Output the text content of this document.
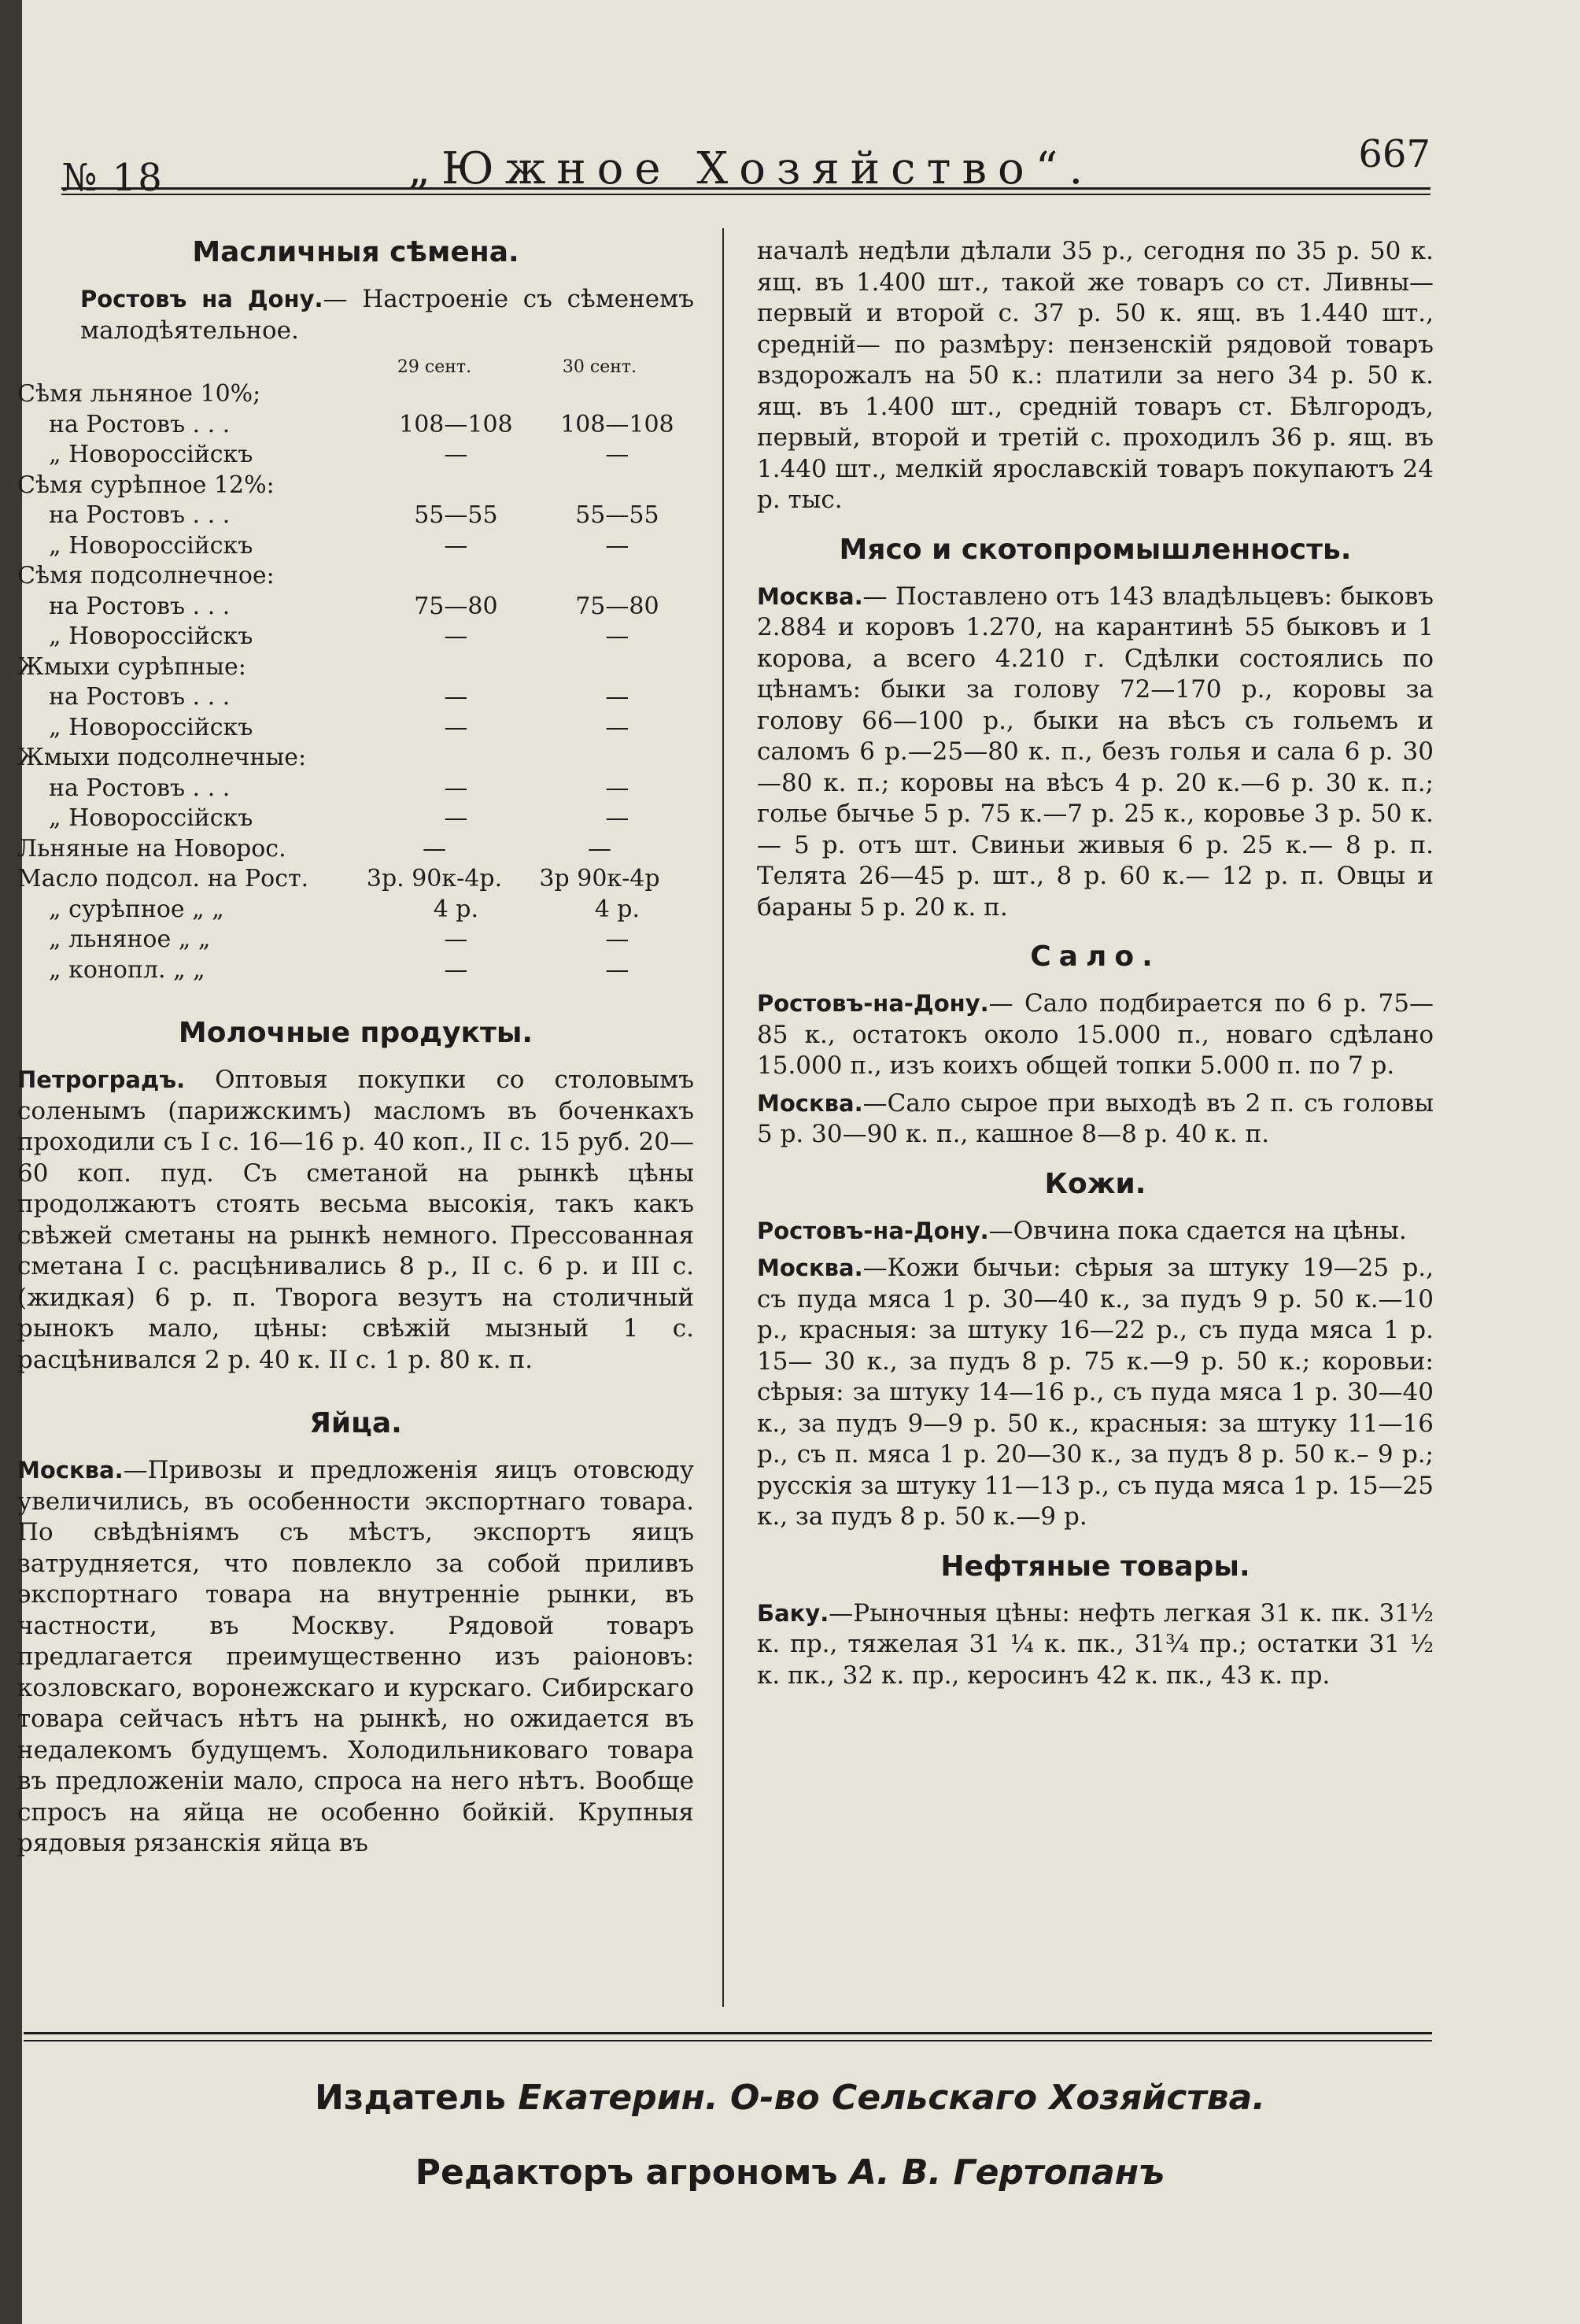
№ 18	„Южное Хозяйство“.	667
Масличныя сѣмена.
Ростовъ на Дону.— Настроеніе съ сѣменемъ малодѣятельное.
29 сент.	30 сент.
Сѣмя льняное 10%;
на Ростовъ . . .	108—108	108—108
„ Новороссійскъ	—	—
Сѣмя сурѣпное 12%:
на Ростовъ . . .	55—55	55—55
„ Новороссійскъ	—	—
Сѣмя подсолнечное:
на Ростовъ . . .	75—80	75—80
„ Новороссійскъ	—	—
Жмыхи сурѣпные:
на Ростовъ . . .	—	—
„ Новороссійскъ	—	—
Жмыхи подсолнечные:
на Ростовъ . . .	—	—
„ Новороссійскъ	—	—
Льняные на Новорос.	—	—
Масло подсол. на Рост.	3р. 90к-4р.	3р 90к-4р
„ сурѣпное „ „	4 р.	4 р.
„ льняное „ „	—	—
„ конопл. „ „	—	—
Молочные продукты.
Петроградъ. Оптовыя покупки со столовымъ соленымъ (парижскимъ) масломъ въ боченкахъ проходили съ I с. 16—16 р. 40 коп., II с. 15 руб. 20—60 коп. пуд. Съ сметаной на рынкѣ цѣны продолжаютъ стоять весьма высокія, такъ какъ свѣжей сметаны на рынкѣ немного. Прессованная сметана I с. расцѣнивались 8 р., II с. 6 р. и III с. (жидкая) 6 р. п. Творога везутъ на столичный рынокъ мало, цѣны: свѣжій мызный 1 с. расцѣнивался 2 р. 40 к. II с. 1 р. 80 к. п.
Яйца.
Москва.—Привозы и предложенія яицъ отовсюду увеличились, въ особенности экспортнаго товара. По свѣдѣніямъ съ мѣстъ, экспортъ яицъ затрудняется, что повлекло за собой приливъ экспортнаго товара на внутренніе рынки, въ частности, въ Москву. Рядовой товаръ предлагается преимущественно изъ раіоновъ: козловскаго, воронежскаго и курскаго. Сибирскаго товара сейчасъ нѣтъ на рынкѣ, но ожидается въ недалекомъ будущемъ. Холодильниковаго товара въ предложеніи мало, спроса на него нѣтъ. Вообще спросъ на яйца не особенно бойкій. Крупныя рядовыя рязанскія яйца въ
началѣ недѣли дѣлали 35 р., сегодня по 35 р. 50 к. ящ. въ 1.400 шт., такой же товаръ со ст. Ливны—первый и второй с. 37 р. 50 к. ящ. въ 1.440 шт., среднiй— по размѣру: пензенскій рядовой товаръ вздорожалъ на 50 к.: платили за него 34 р. 50 к. ящ. въ 1.400 шт., средній товаръ ст. Бѣлгородъ, первый, второй и третій с. проходилъ 36 р. ящ. въ 1.440 шт., мелкій ярославскій товаръ покупаютъ 24 р. тыс.
Мясо и скотопромышленность.
Москва.— Поставлено отъ 143 владѣльцевъ: быковъ 2.884 и коровъ 1.270, на карантинѣ 55 быковъ и 1 корова, а всего 4.210 г. Сдѣлки состоялись по цѣнамъ: быки за голову 72—170 р., коровы за голову 66—100 р., быки на вѣсъ съ гольемъ и саломъ 6 р.—25—80 к. п., безъ голья и сала 6 р. 30—80 к. п.; коровы на вѣсъ 4 р. 20 к.—6 р. 30 к. п.; голье бычье 5 р. 75 к.—7 р. 25 к., коровье 3 р. 50 к.— 5 р. отъ шт. Свиньи живыя 6 р. 25 к.— 8 р. п. Телята 26—45 р. шт., 8 р. 60 к.— 12 р. п. Овцы и бараны 5 р. 20 к. п.
Сало.
Ростовъ-на-Дону.— Сало подбирается по 6 р. 75—85 к., остатокъ около 15.000 п., новаго сдѣлано 15.000 п., изъ коихъ общей топки 5.000 п. по 7 р.
Москва.—Сало сырое при выходѣ въ 2 п. съ головы 5 р. 30—90 к. п., кашное 8—8 р. 40 к. п.
Кожи.
Ростовъ-на-Дону.—Овчина пока сдается на цѣны.
Москва.—Кожи бычьи: сѣрыя за штуку 19—25 р., съ пуда мяса 1 р. 30—40 к., за пудъ 9 р. 50 к.—10 р., красныя: за штуку 16—22 р., съ пуда мяса 1 р. 15— 30 к., за пудъ 8 р. 75 к.—9 р. 50 к.; коровьи: сѣрыя: за штуку 14—16 р., съ пуда мяса 1 р. 30—40 к., за пудъ 9—9 р. 50 к., красныя: за штуку 11—16 р., съ п. мяса 1 р. 20—30 к., за пудъ 8 р. 50 к.– 9 р.; русскія за штуку 11—13 р., съ пуда мяса 1 р. 15—25 к., за пудъ 8 р. 50 к.—9 р.
Нефтяные товары.
Баку.—Рыночныя цѣны: нефть легкая 31 к. пк. 31½ к. пр., тяжелая 31 ¼ к. пк., 31¾ пр.; остатки 31 ½ к. пк., 32 к. пр., керосинъ 42 к. пк., 43 к. пр.
Издатель Екатерин. О-во Сельскаго Хозяйства.
Редакторъ агрономъ А. В. Гертопанъ
